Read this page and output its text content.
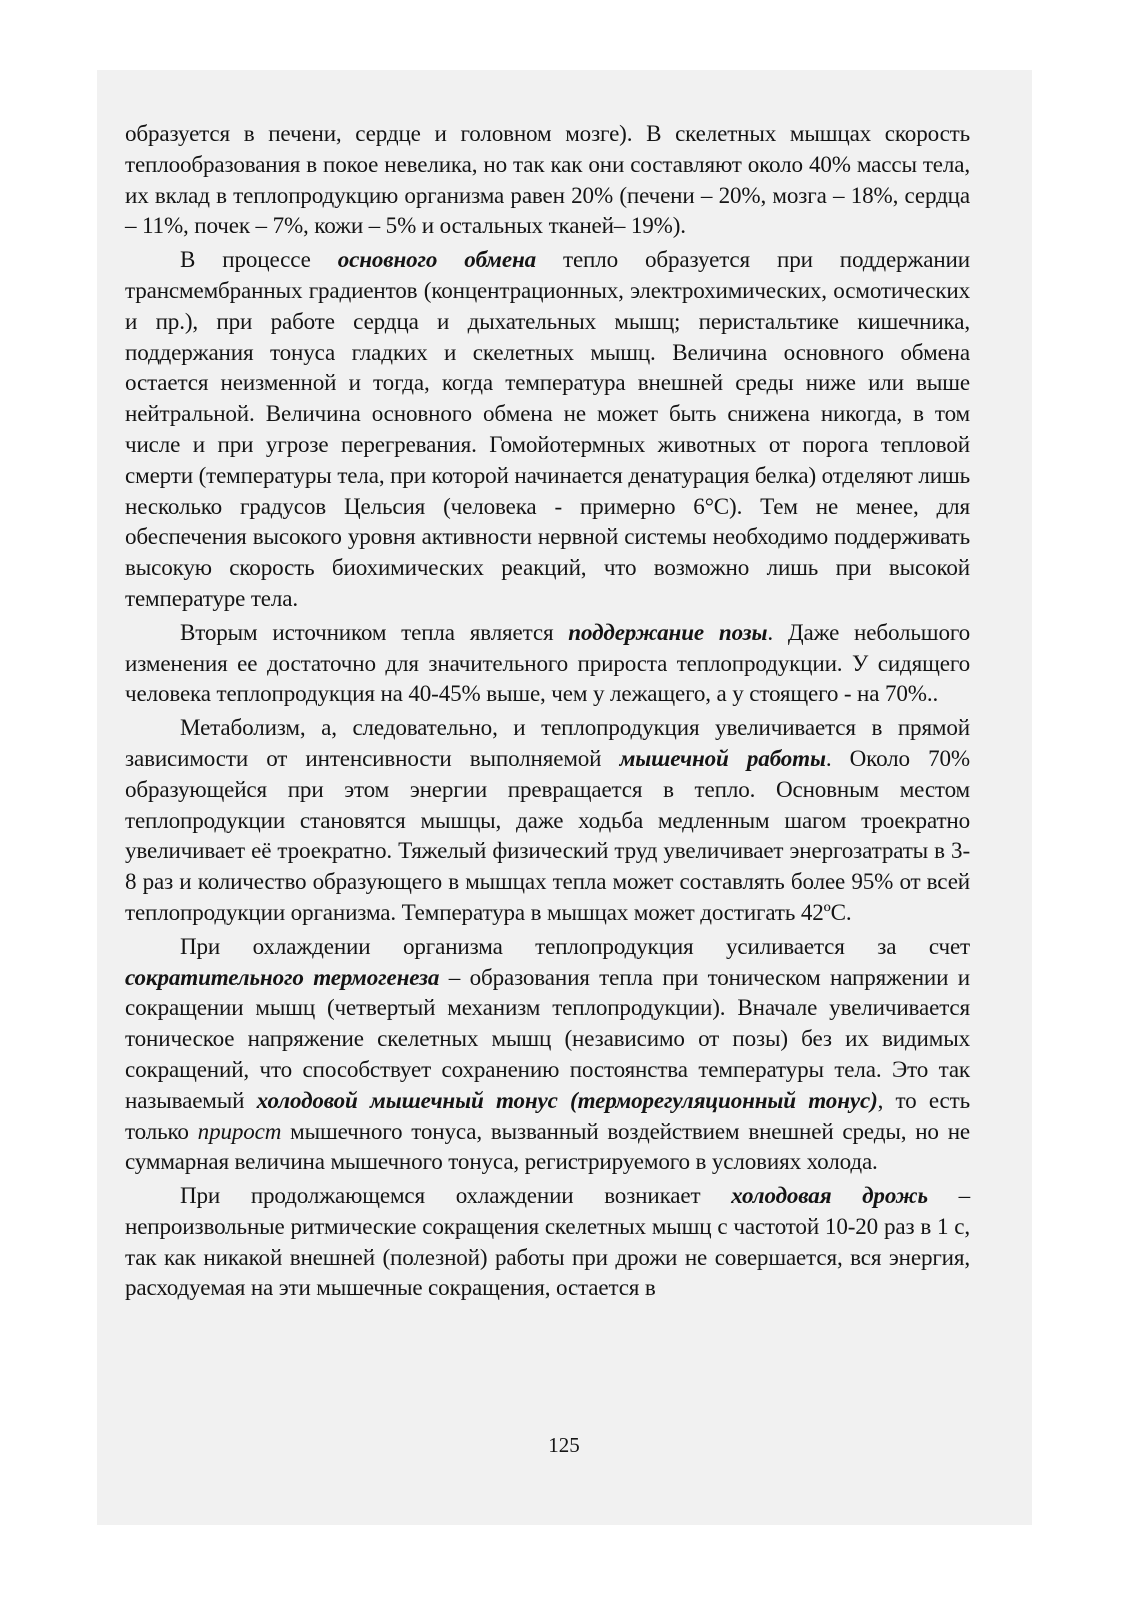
образуется в печени, сердце и головном мозге). В скелетных мышцах скорость теплообразования в покое невелика, но так как они составляют около 40% массы тела, их вклад в теплопродукцию организма равен 20% (печени – 20%, мозга – 18%, сердца – 11%, почек – 7%, кожи – 5% и остальных тканей– 19%).

В процессе основного обмена тепло образуется при поддержании трансмембранных градиентов (концентрационных, электрохимических, осмотических и пр.), при работе сердца и дыхательных мышц; перистальтике кишечника, поддержания тонуса гладких и скелетных мышц. Величина основного обмена остается неизменной и тогда, когда температура внешней среды ниже или выше нейтральной. Величина основного обмена не может быть снижена никогда, в том числе и при угрозе перегревания. Гомойотермных животных от порога тепловой смерти (температуры тела, при которой начинается денатурация белка) отделяют лишь несколько градусов Цельсия (человека - примерно 6°C). Тем не менее, для обеспечения высокого уровня активности нервной системы необходимо поддерживать высокую скорость биохимических реакций, что возможно лишь при высокой температуре тела.

Вторым источником тепла является поддержание позы. Даже небольшого изменения ее достаточно для значительного прироста теплопродукции. У сидящего человека теплопродукция на 40-45% выше, чем у лежащего, а у стоящего - на 70%..

Метаболизм, а, следовательно, и теплопродукция увеличивается в прямой зависимости от интенсивности выполняемой мышечной работы. Около 70% образующейся при этом энергии превращается в тепло. Основным местом теплопродукции становятся мышцы, даже ходьба медленным шагом троекратно увеличивает её троекратно. Тяжелый физический труд увеличивает энергозатраты в 3-8 раз и количество образующего в мышцах тепла может составлять более 95% от всей теплопродукции организма. Температура в мышцах может достигать 42ºC.

При охлаждении организма теплопродукция усиливается за счет сократительного термогенеза – образования тепла при тоническом напряжении и сокращении мышц (четвертый механизм теплопродукции). Вначале увеличивается тоническое напряжение скелетных мышц (независимо от позы) без их видимых сокращений, что способствует сохранению постоянства температуры тела. Это так называемый холодовой мышечный тонус (терморегуляционный тонус), то есть только прирост мышечного тонуса, вызванный воздействием внешней среды, но не суммарная величина мышечного тонуса, регистрируемого в условиях холода.

При продолжающемся охлаждении возникает холодовая дрожь – непроизвольные ритмические сокращения скелетных мышц с частотой 10-20 раз в 1 с, так как никакой внешней (полезной) работы при дрожи не совершается, вся энергия, расходуемая на эти мышечные сокращения, остается в

125
